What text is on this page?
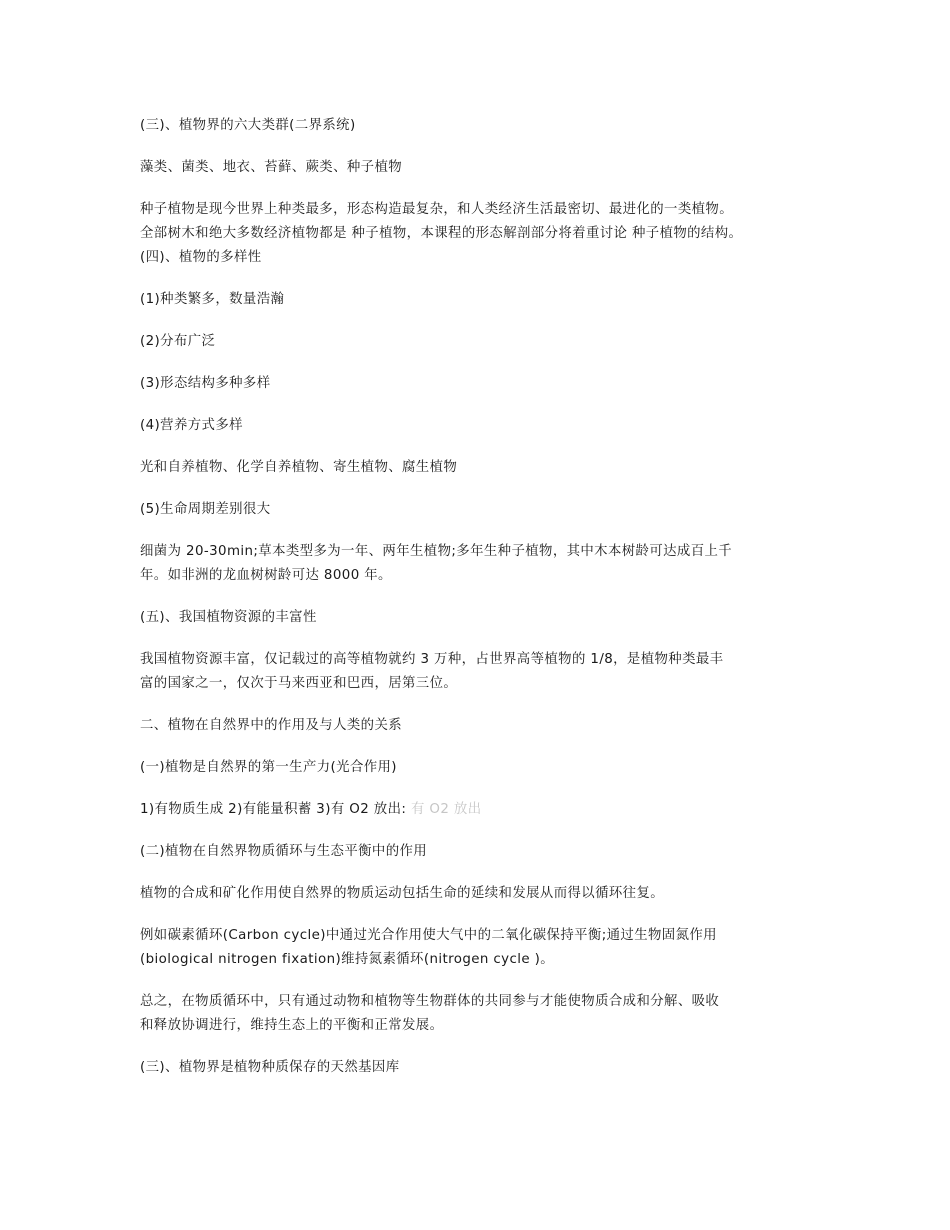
(三)、植物界的六大类群(二界系统)

藻类、菌类、地衣、苔藓、蕨类、种子植物

种子植物是现今世界上种类最多，形态构造最复杂，和人类经济生活最密切、最进化的一类植物。
全部树木和绝大多数经济植物都是 种子植物，本课程的形态解剖部分将着重讨论 种子植物的结构。
(四)、植物的多样性

(1)种类繁多，数量浩瀚

(2)分布广泛

(3)形态结构多种多样

(4)营养方式多样

光和自养植物、化学自养植物、寄生植物、腐生植物

(5)生命周期差别很大

细菌为 20-30min;草本类型多为一年、两年生植物;多年生种子植物，其中木本树龄可达成百上千
年。如非洲的龙血树树龄可达 8000 年。

(五)、我国植物资源的丰富性

我国植物资源丰富，仅记载过的高等植物就约 3 万种，占世界高等植物的 1/8，是植物种类最丰
富的国家之一，仅次于马来西亚和巴西，居第三位。

二、植物在自然界中的作用及与人类的关系

(一)植物是自然界的第一生产力(光合作用)

1)有物质生成 2)有能量积蓄 3)有 O2 放出: 有 O2 放出

(二)植物在自然界物质循环与生态平衡中的作用

植物的合成和矿化作用使自然界的物质运动包括生命的延续和发展从而得以循环往复。

例如碳素循环(Carbon cycle)中通过光合作用使大气中的二氧化碳保持平衡;通过生物固氮作用
(biological nitrogen fixation)维持氮素循环(nitrogen cycle )。

总之，在物质循环中，只有通过动物和植物等生物群体的共同参与才能使物质合成和分解、吸收
和释放协调进行，维持生态上的平衡和正常发展。

(三)、植物界是植物种质保存的天然基因库
